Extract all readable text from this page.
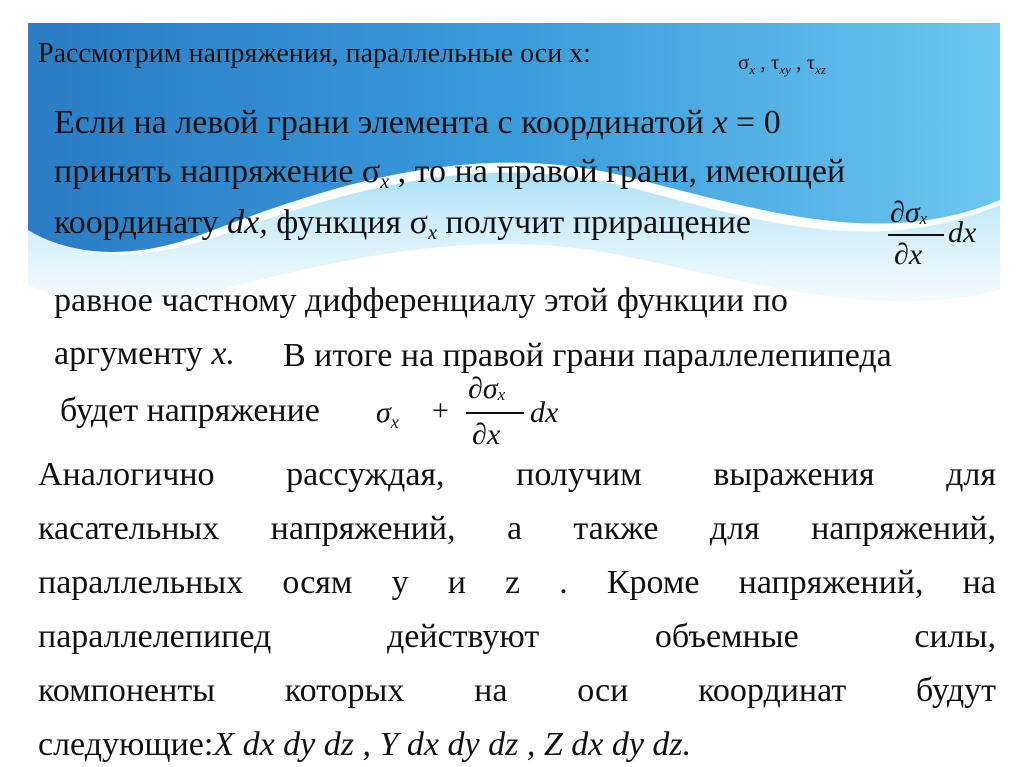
Рассмотрим напряжения, параллельные оси x:	$\sigma_x$ , $\tau_{xy}$ , $\tau_{xz}$
Если на левой грани элемента с координатой x = 0
принять напряжение σx , то на правой грани, имеющей
координату dx, функция σx получит приращение	∂σx
∂x
dx
равное частному дифференциалу этой функции по
аргументу x. В итоге на правой грани параллелепипеда
будет напряжение $\sigma_x$ +
∂σx
∂x
dx
Аналогично рассуждая, получим выражения для
касательных напряжений, а также для напряжений,
параллельных осям y и z . Кроме напряжений, на
параллелепипед	действуют	объемные	силы,
компоненты которых на оси координат будут
следующие: X dx dy dz , Y dx dy dz , Z dx dy dz.
